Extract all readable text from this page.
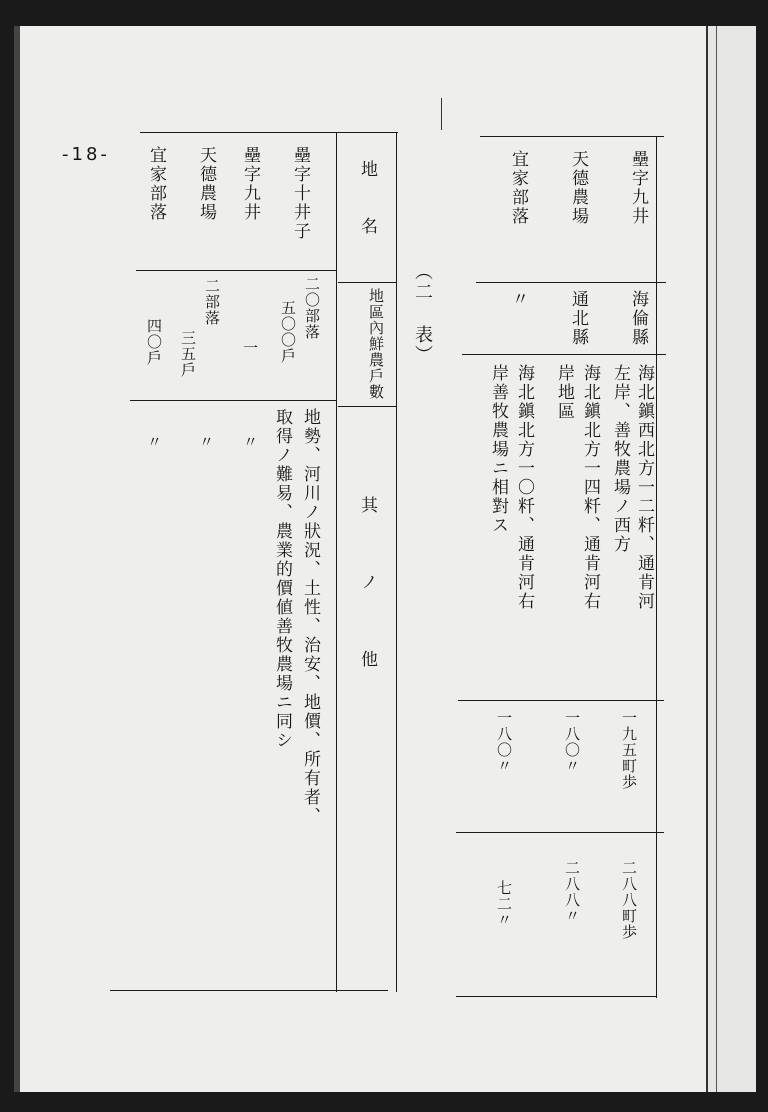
-18-
（二 表）
壘字九井
海倫縣
海北鎭西北方一二粁、通肯河
左岸、善牧農場ノ西方
一九五町歩
二八八町歩
天德農場
通北縣
海北鎭北方一四粁、通肯河右
岸地區
一八〇〃
二八八〃
宜家部落
〃
海北鎭北方一〇粁、通肯河右
岸善牧農場ニ相對ス
一八〇〃
七二〃
地名
地區內鮮農戶數
其ノ他
壘字十井子
二〇部落
五〇〇戶
地勢、河川ノ狀況、土性、治安、地價、所有者、
取得ノ難易、農業的價値善牧農場ニ同シ
壘字九井
一
〃
天德農場
二部落
三五戶
〃
宜家部落
四〇戶
〃
